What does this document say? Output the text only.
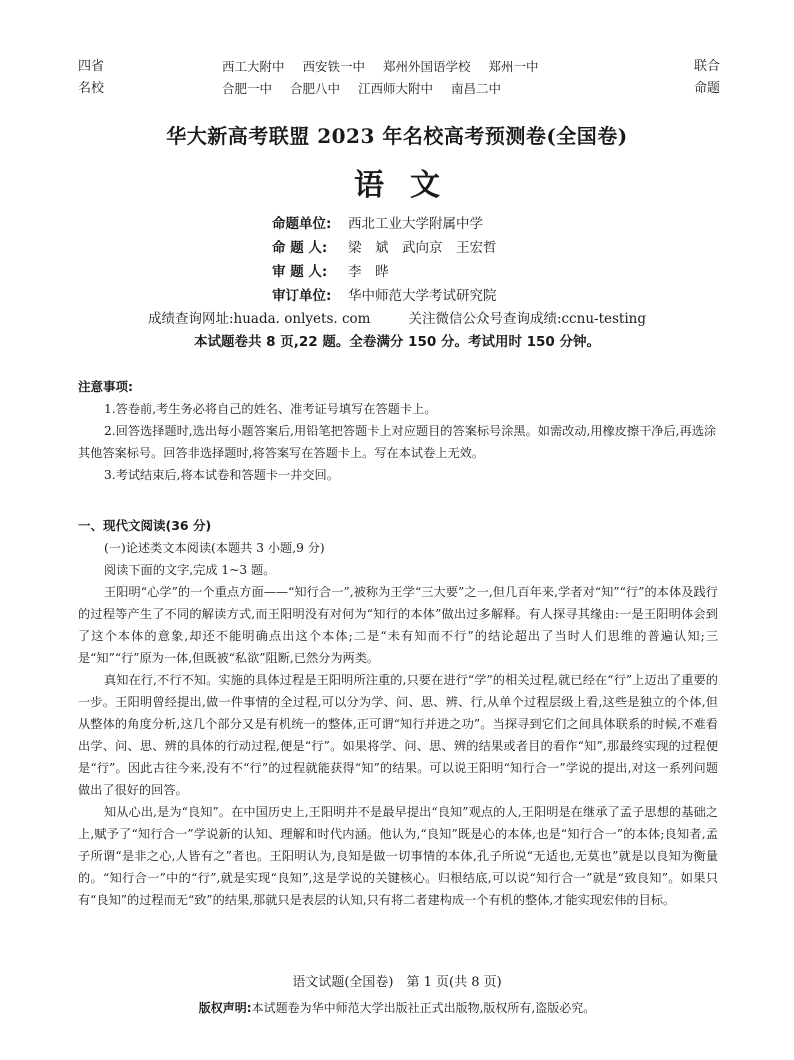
四省
名校
西工大附中 西安铁一中 郑州外国语学校 郑州一中
合肥一中 合肥八中 江西师大附中 南昌二中
联合
命题
华大新高考联盟 2023 年名校高考预测卷(全国卷)
语文
命题单位:	西北工业大学附属中学
命 题 人:	梁　斌　武向京　王宏哲
审 题 人:	李　晔
审订单位:	华中师范大学考试研究院
成绩查询网址:huada. onlyets. com	关注微信公众号查询成绩:ccnu-testing
本试题卷共 8 页,22 题。全卷满分 150 分。考试用时 150 分钟。
注意事项:

1.答卷前,考生务必将自己的姓名、准考证号填写在答题卡上。

2.回答选择题时,选出每小题答案后,用铅笔把答题卡上对应题目的答案标号涂黑。如需改动,用橡皮擦干净后,再选涂其他答案标号。回答非选择题时,将答案写在答题卡上。写在本试卷上无效。

3.考试结束后,将本试卷和答题卡一并交回。

一、现代文阅读(36 分)
(一)论述类文本阅读(本题共 3 小题,9 分)
阅读下面的文字,完成 1~3 题。

王阳明“心学”的一个重点方面——“知行合一”,被称为王学“三大要”之一,但几百年来,学者对“知”“行”的本体及践行的过程等产生了不同的解读方式,而王阳明没有对何为“知行的本体”做出过多解释。有人探寻其缘由:一是王阳明体会到了这个本体的意象,却还不能明确点出这个本体;二是“未有知而不行”的结论超出了当时人们思维的普遍认知;三是“知”“行”原为一体,但既被“私欲”阻断,已然分为两类。

真知在行,不行不知。实施的具体过程是王阳明所注重的,只要在进行“学”的相关过程,就已经在“行”上迈出了重要的一步。王阳明曾经提出,做一件事情的全过程,可以分为学、问、思、辨、行,从单个过程层级上看,这些是独立的个体,但从整体的角度分析,这几个部分又是有机统一的整体,正可谓“知行并进之功”。当探寻到它们之间具体联系的时候,不难看出学、问、思、辨的具体的行动过程,便是“行”。如果将学、问、思、辨的结果或者目的看作“知”,那最终实现的过程便是“行”。因此古往今来,没有不“行”的过程就能获得“知”的结果。可以说王阳明“知行合一”学说的提出,对这一系列问题做出了很好的回答。

知从心出,是为“良知”。在中国历史上,王阳明并不是最早提出“良知”观点的人,王阳明是在继承了孟子思想的基础之上,赋予了“知行合一”学说新的认知、理解和时代内涵。他认为,“良知”既是心的本体,也是“知行合一”的本体;良知者,孟子所谓“是非之心,人皆有之”者也。王阳明认为,良知是做一切事情的本体,孔子所说“无适也,无莫也”就是以良知为衡量的。“知行合一”中的“行”,就是实现“良知”,这是学说的关键核心。归根结底,可以说“知行合一”就是“致良知”。如果只有“良知”的过程而无“致”的结果,那就只是表层的认知,只有将二者建构成一个有机的整体,才能实现宏伟的目标。

语文试题(全国卷)　第 1 页(共 8 页)
版权声明:本试题卷为华中师范大学出版社正式出版物,版权所有,盗版必究。
